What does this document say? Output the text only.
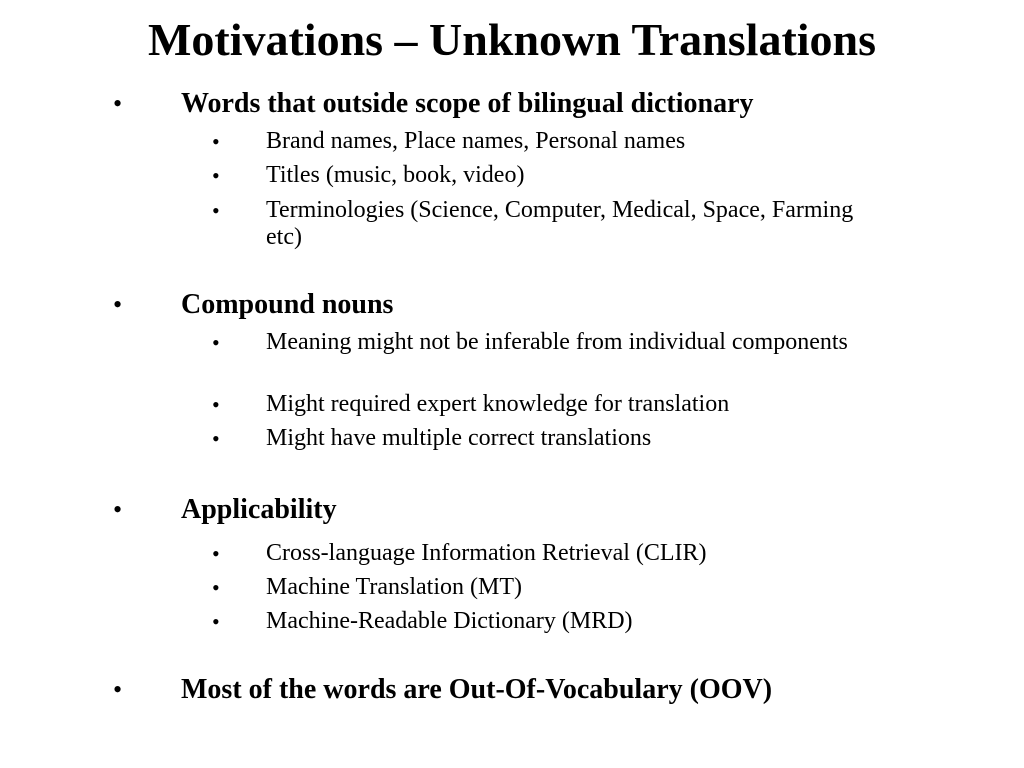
Motivations – Unknown Translations
• Words that outside scope of bilingual dictionary
• Brand names, Place names, Personal names
• Titles (music, book, video)
• Terminologies (Science, Computer, Medical, Space, Farming etc)
• Compound nouns
• Meaning might not be inferable from individual components
• Might required expert knowledge for translation
• Might have multiple correct translations
• Applicability
• Cross-language Information Retrieval (CLIR)
• Machine Translation (MT)
• Machine-Readable Dictionary (MRD)
• Most of the words are Out-Of-Vocabulary (OOV)
